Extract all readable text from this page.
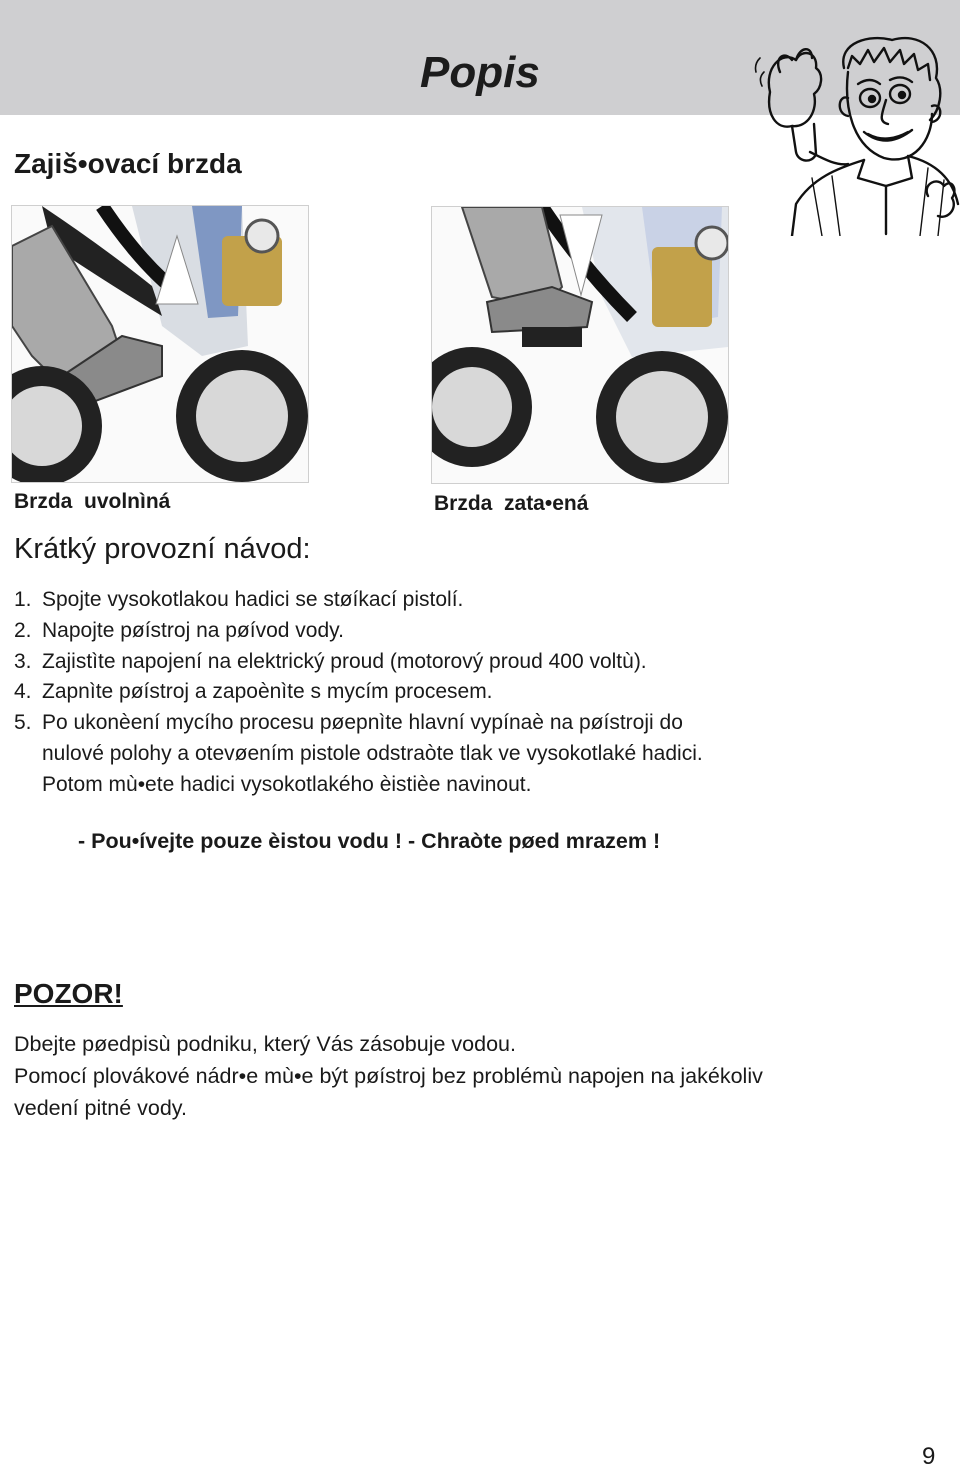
Popis
Zajiš•ovací brzda
Brzda  uvolnìná	Brzda  zata•ená
Krátký provozní návod:
1. Spojte vysokotlakou hadici se støíkací pistolí.
2. Napojte pøístroj na pøívod vody.
3. Zajistìte napojení na elektrický proud (motorový proud 400 voltù).
4. Zapnìte pøístroj a zapoènìte s mycím procesem.
5. Po ukonèení mycího procesu pøepnìte hlavní vypínaè na pøístroji do
nulové polohy a otevøením pistole odstraòte tlak ve vysokotlaké hadici.
Potom mù•ete hadici vysokotlakého èistièe navinout.
- Pou•ívejte pouze èistou vodu ! - Chraòte pøed mrazem !
POZOR!

Dbejte pøedpisù podniku, který Vás zásobuje vodou.

Pomocí plovákové nádr•e mù•e být pøístroj bez problémù napojen na jakékoliv

vedení pitné vody.

9
